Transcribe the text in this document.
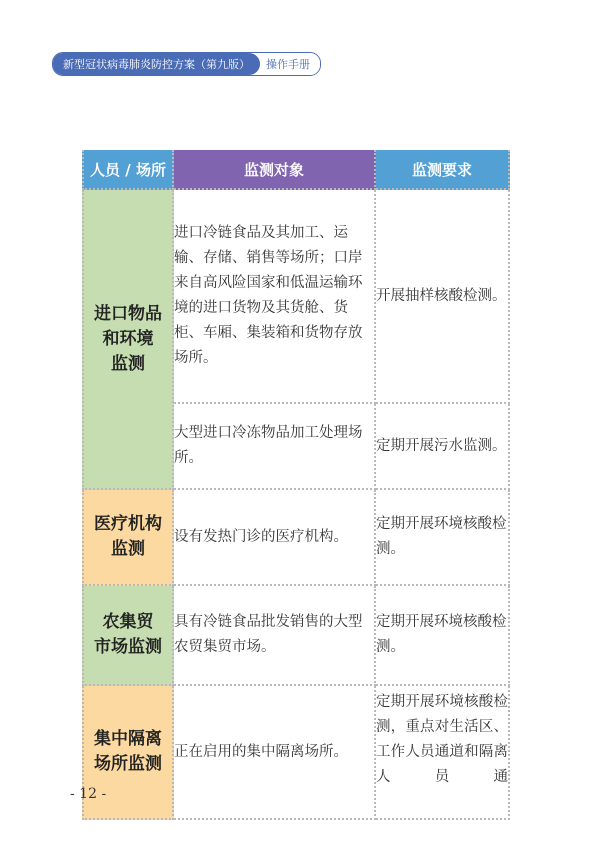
新型冠状病毒肺炎防控方案（第九版）	操作手册
人员 / 场所	监测对象	监测要求

进口物品
和环境
监测	进口冷链食品及其加工、运输、存储、销售等场所；口岸来自高风险国家和低温运输环境的进口货物及其货舱、货柜、车厢、集装箱和货物存放场所。	开展抽样核酸检测。
	大型进口冷冻物品加工处理场所。	定期开展污水监测。

医疗机构
监测	设有发热门诊的医疗机构。	定期开展环境核酸检测。

农集贸
市场监测	具有冷链食品批发销售的大型农贸集贸市场。	定期开展环境核酸检测。

集中隔离
场所监测	正在启用的集中隔离场所。	定期开展环境核酸检测，重点对生活区、工作人员通道和隔离人员通
- 12 -
